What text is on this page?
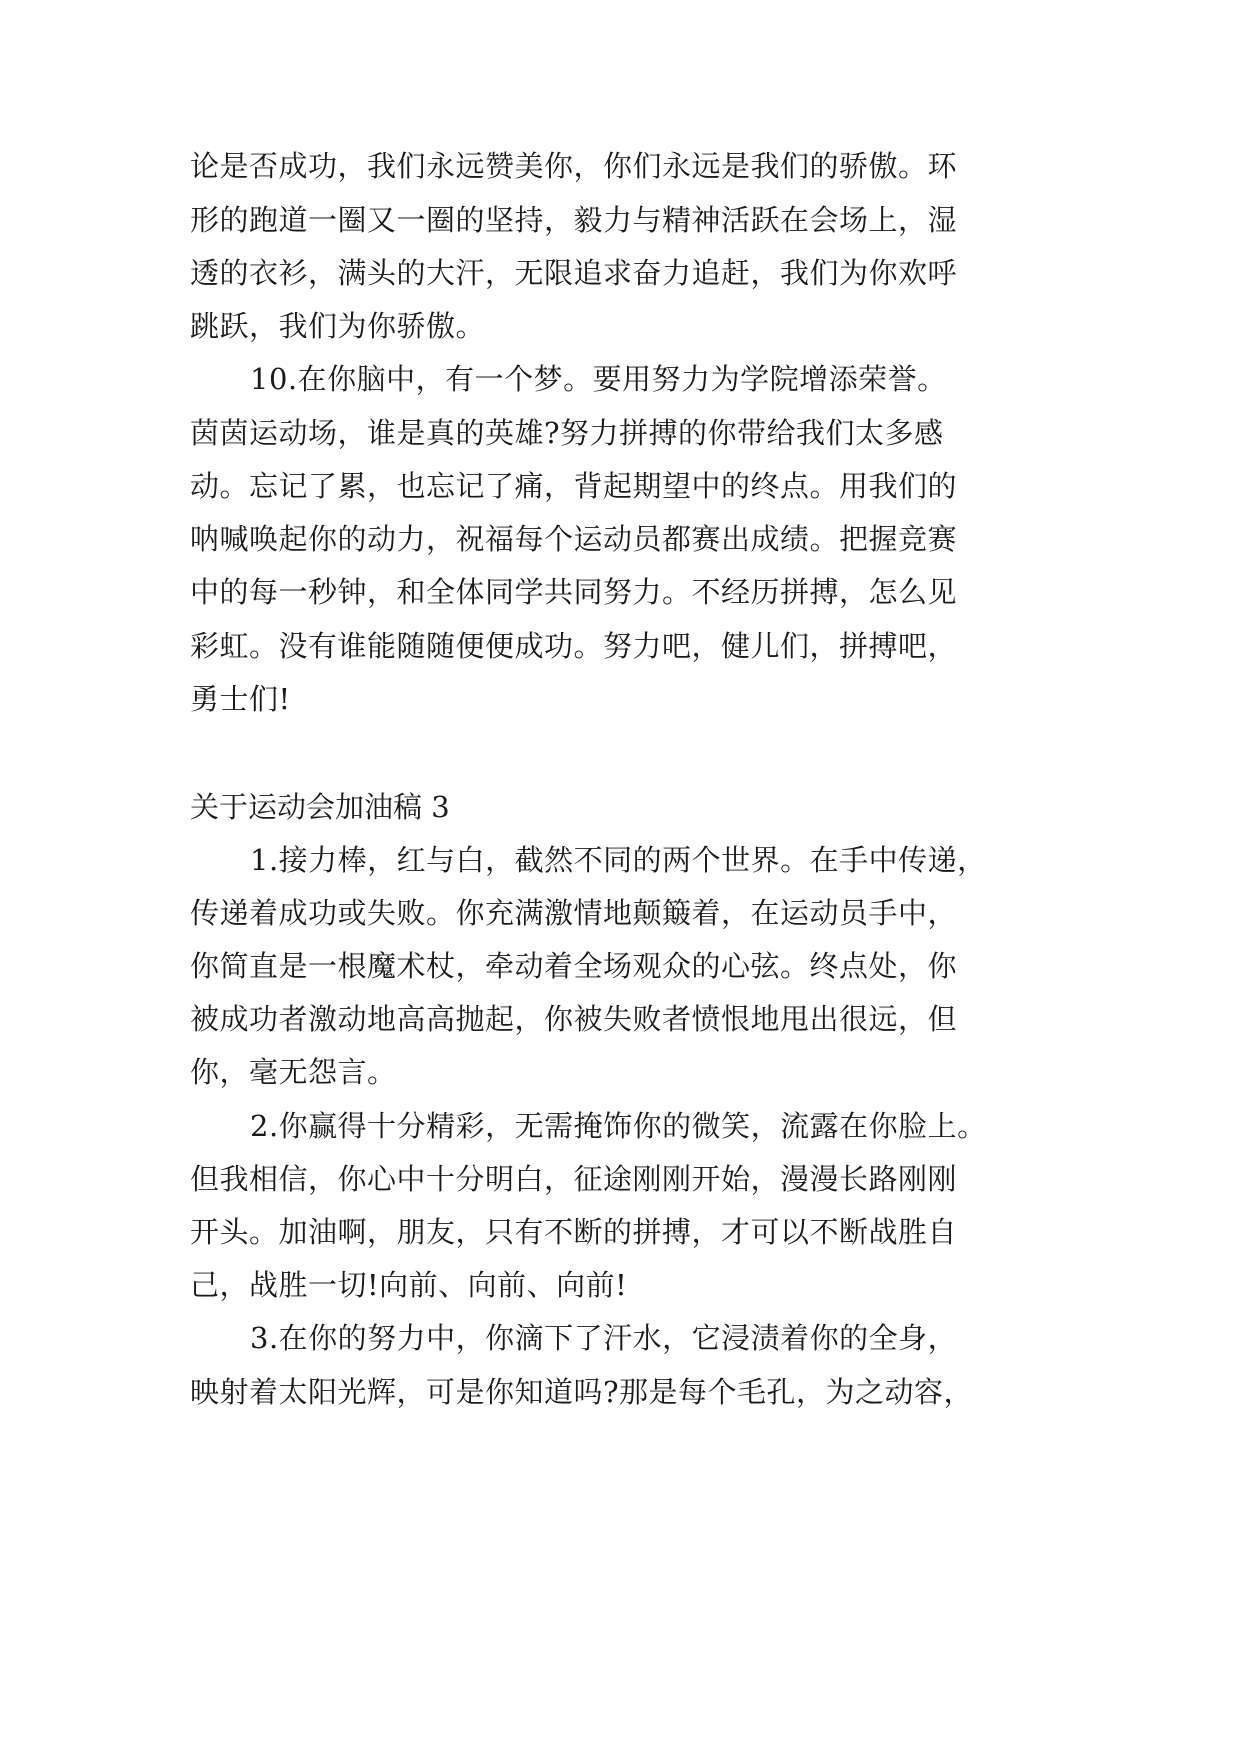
论是否成功，我们永远赞美你，你们永远是我们的骄傲。环
形的跑道一圈又一圈的坚持，毅力与精神活跃在会场上，湿
透的衣衫，满头的大汗，无限追求奋力追赶，我们为你欢呼
跳跃，我们为你骄傲。
10.在你脑中，有一个梦。要用努力为学院增添荣誉。
茵茵运动场，谁是真的英雄?努力拼搏的你带给我们太多感
动。忘记了累，也忘记了痛，背起期望中的终点。用我们的
呐喊唤起你的动力，祝福每个运动员都赛出成绩。把握竞赛
中的每一秒钟，和全体同学共同努力。不经历拼搏，怎么见
彩虹。没有谁能随随便便成功。努力吧，健儿们，拼搏吧，
勇士们!
关于运动会加油稿 3
1.接力棒，红与白，截然不同的两个世界。在手中传递，
传递着成功或失败。你充满激情地颠簸着，在运动员手中，
你简直是一根魔术杖，牵动着全场观众的心弦。终点处，你
被成功者激动地高高抛起，你被失败者愤恨地甩出很远，但
你，毫无怨言。
2.你赢得十分精彩，无需掩饰你的微笑，流露在你脸上。
但我相信，你心中十分明白，征途刚刚开始，漫漫长路刚刚
开头。加油啊，朋友，只有不断的拼搏，才可以不断战胜自
己，战胜一切!向前、向前、向前!
3.在你的努力中，你滴下了汗水，它浸渍着你的全身，
映射着太阳光辉，可是你知道吗?那是每个毛孔，为之动容，
